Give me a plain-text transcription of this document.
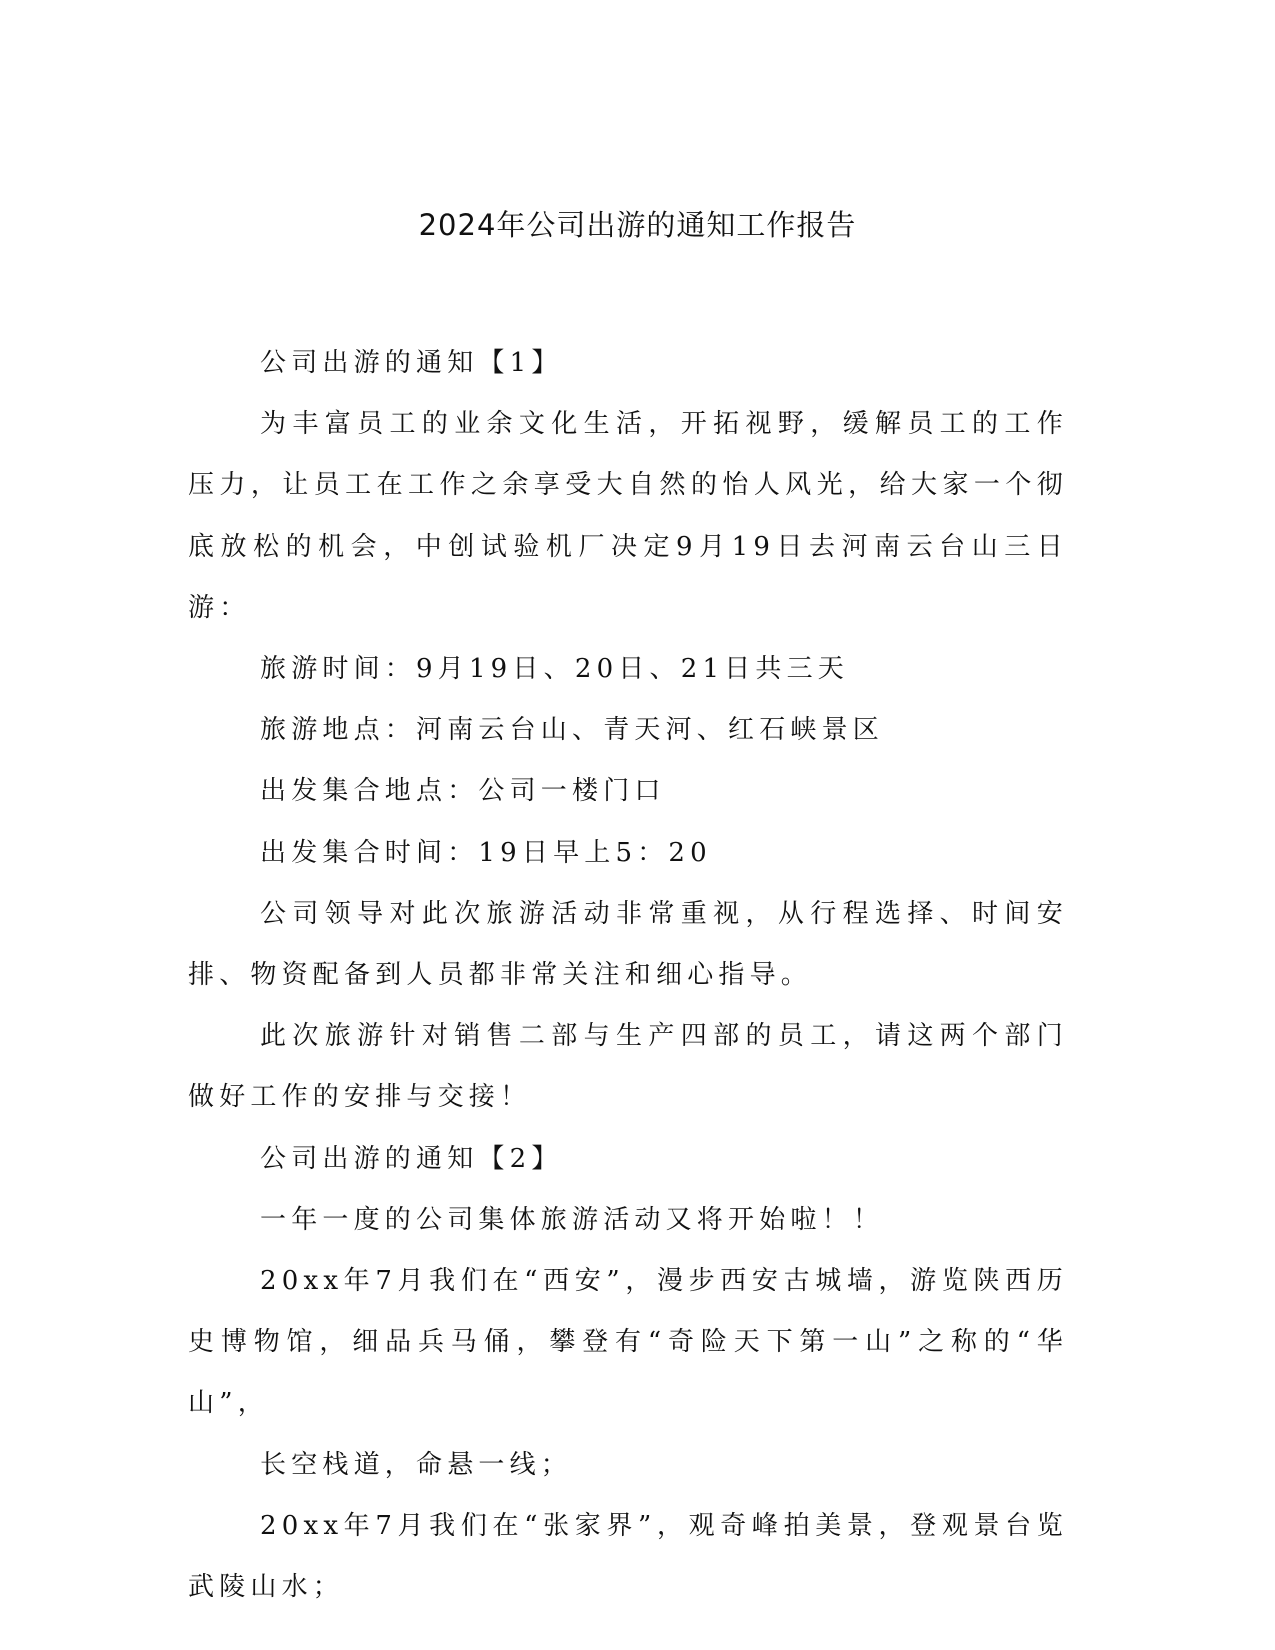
2024年公司出游的通知工作报告

公司出游的通知【1】

为丰富员工的业余文化生活，开拓视野，缓解员工的工作压力，让员工在工作之余享受大自然的怡人风光，给大家一个彻底放松的机会，中创试验机厂决定9月19日去河南云台山三日游：

旅游时间：9月19日、20日、21日共三天

旅游地点：河南云台山、青天河、红石峡景区

出发集合地点：公司一楼门口

出发集合时间：19日早上5：20

公司领导对此次旅游活动非常重视，从行程选择、时间安排、物资配备到人员都非常关注和细心指导。

此次旅游针对销售二部与生产四部的员工，请这两个部门做好工作的安排与交接！

公司出游的通知【2】

一年一度的公司集体旅游活动又将开始啦！！

20xx年7月我们在“西安”，漫步西安古城墙，游览陕西历史博物馆，细品兵马俑，攀登有“奇险天下第一山”之称的“华山”，

长空栈道，命悬一线；

20xx年7月我们在“张家界”，观奇峰拍美景，登观景台览武陵山水；
